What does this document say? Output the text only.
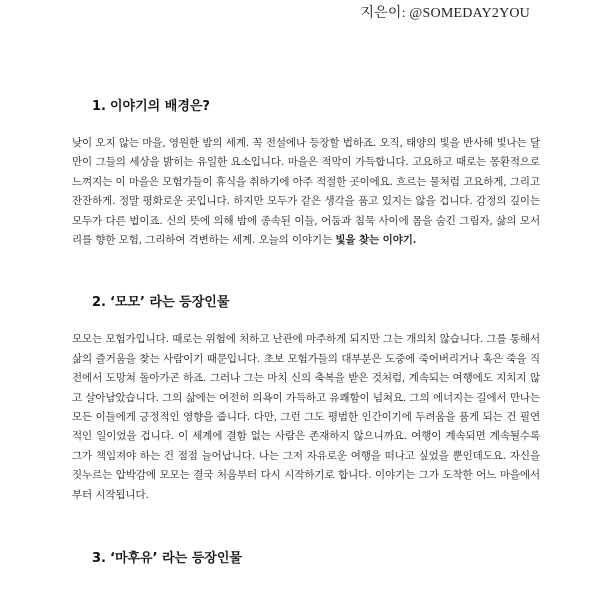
지은이: @SOMEDAY2YOU
1. 이야기의 배경은?

낮이 오지 않는 마을, 영원한 밤의 세계. 꼭 전설에나 등장할 법하죠. 오직, 태양의 빛을 반사해 빛나는 달만이 그들의 세상을 밝히는 유일한 요소입니다. 마을은 적막이 가득합니다. 고요하고 때로는 몽환적으로 느껴지는 이 마을은 모험가들이 휴식을 취하기에 아주 적절한 곳이에요. 흐르는 물처럼 고요하게, 그리고 잔잔하게. 정말 평화로운 곳입니다. 하지만 모두가 같은 생각을 품고 있지는 않을 겁니다. 감정의 깊이는 모두가 다른 법이죠. 신의 뜻에 의해 밤에 종속된 이들, 어둠과 침묵 사이에 몸을 숨긴 그림자, 삶의 모서리를 향한 모험, 그리하여 격변하는 세계. 오늘의 이야기는 빛을 찾는 이야기.

2. ‘모모’ 라는 등장인물

모모는 모험가입니다. 때로는 위험에 처하고 난관에 마주하게 되지만 그는 개의치 않습니다. 그를 통해서 삶의 즐거움을 찾는 사람이기 때문입니다. 초보 모험가들의 대부분은 도중에 죽어버리거나 혹은 죽을 직전에서 도망쳐 돌아가곤 하죠. 그러나 그는 마치 신의 축복을 받은 것처럼, 계속되는 여행에도 지치지 않고 살아남았습니다. 그의 삶에는 여전히 의욕이 가득하고 유쾌함이 넘쳐요. 그의 에너지는 길에서 만나는 모든 이들에게 긍정적인 영향을 줍니다. 다만, 그런 그도 평범한 인간이기에 두려움을 품게 되는 건 필연적인 일이었을 겁니다. 이 세계에 결함 없는 사람은 존재하지 않으니까요. 여행이 계속되면 계속될수록 그가 책임져야 하는 건 점점 늘어납니다. 나는 그저 자유로운 여행을 떠나고 싶었을 뿐인데도요. 자신을 짓누르는 압박감에 모모는 결국 처음부터 다시 시작하기로 합니다. 이야기는 그가 도착한 어느 마을에서부터 시작됩니다.

3. ‘마후유’ 라는 등장인물
